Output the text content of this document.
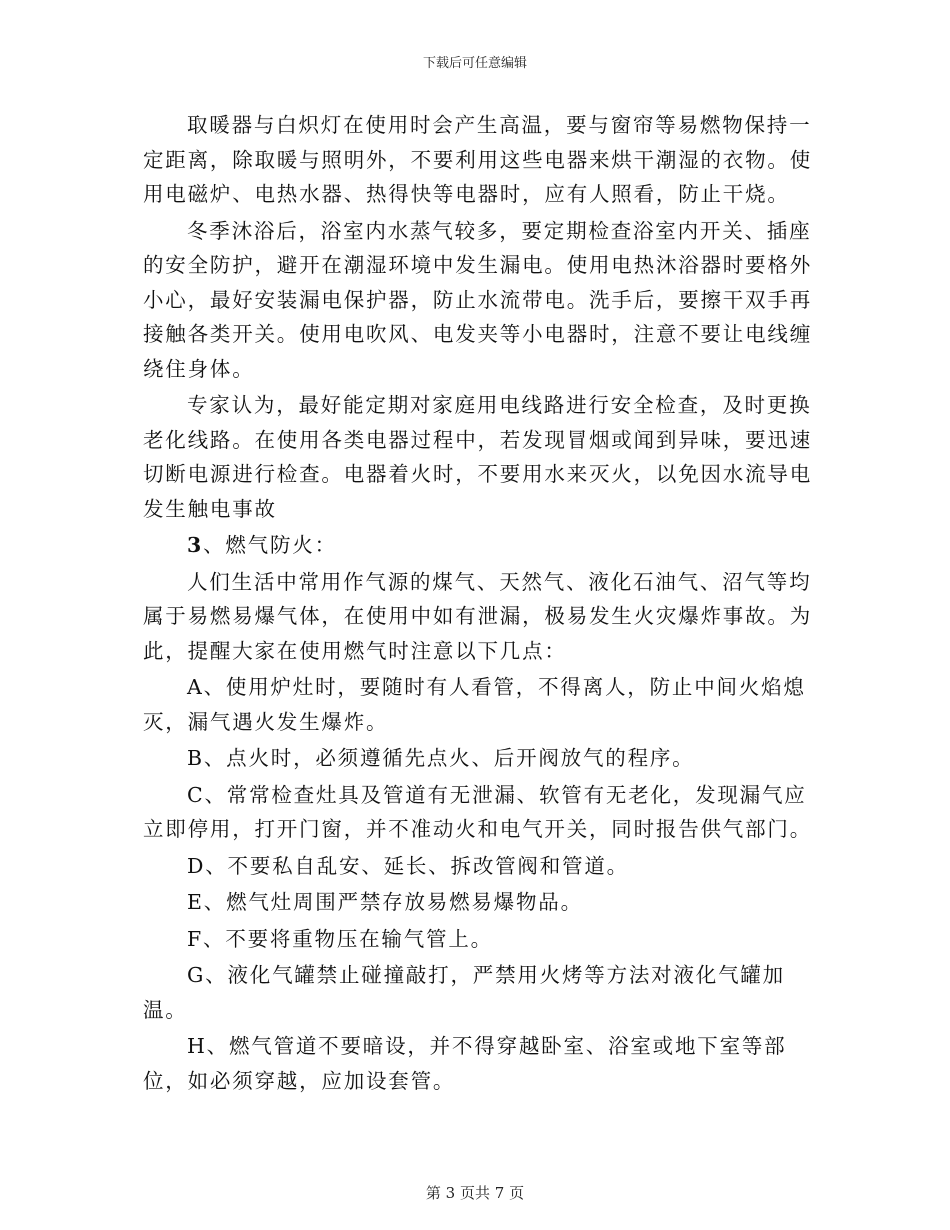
下载后可任意编辑

取暖器与白炽灯在使用时会产生高温，要与窗帘等易燃物保持一定距离，除取暖与照明外，不要利用这些电器来烘干潮湿的衣物。使用电磁炉、电热水器、热得快等电器时，应有人照看，防止干烧。

冬季沐浴后，浴室内水蒸气较多，要定期检查浴室内开关、插座的安全防护，避开在潮湿环境中发生漏电。使用电热沐浴器时要格外小心，最好安装漏电保护器，防止水流带电。洗手后，要擦干双手再接触各类开关。使用电吹风、电发夹等小电器时，注意不要让电线缠绕住身体。

专家认为，最好能定期对家庭用电线路进行安全检查，及时更换老化线路。在使用各类电器过程中，若发现冒烟或闻到异味，要迅速切断电源进行检查。电器着火时，不要用水来灭火，以免因水流导电发生触电事故

3、燃气防火：

人们生活中常用作气源的煤气、天然气、液化石油气、沼气等均属于易燃易爆气体，在使用中如有泄漏，极易发生火灾爆炸事故。为此，提醒大家在使用燃气时注意以下几点：

A、使用炉灶时，要随时有人看管，不得离人，防止中间火焰熄灭，漏气遇火发生爆炸。

B、点火时，必须遵循先点火、后开阀放气的程序。

C、常常检查灶具及管道有无泄漏、软管有无老化，发现漏气应立即停用，打开门窗，并不准动火和电气开关，同时报告供气部门。

D、不要私自乱安、延长、拆改管阀和管道。

E、燃气灶周围严禁存放易燃易爆物品。

F、不要将重物压在输气管上。

G、液化气罐禁止碰撞敲打，严禁用火烤等方法对液化气罐加温。

H、燃气管道不要暗设，并不得穿越卧室、浴室或地下室等部位，如必须穿越，应加设套管。

第 3 页共 7 页
